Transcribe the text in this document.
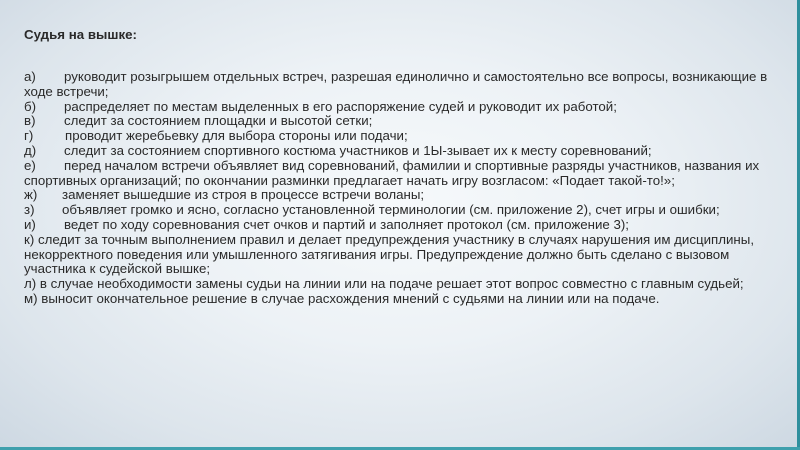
Судья на вышке:
а) руководит розыгрышем отдельных встреч, разрешая единолично и самостоятельно все вопросы, возникающие в ходе встречи;
б) распределяет по местам выделенных в его распоряжение судей и руководит их работой;
в) следит за состоянием площадки и высотой сетки;
г) проводит жеребьевку для выбора стороны или подачи;
д) следит за состоянием спортивного костюма участников и 1Ы-зывает их к месту соревнований;
е) перед началом встречи объявляет вид соревнований, фамилии и спортивные разряды участников, названия их спортивных организаций; по окончании разминки предлагает начать игру возгласом: «Подает такой-то!»;
ж) заменяет вышедшие из строя в процессе встречи воланы;
з) объявляет громко и ясно, согласно установленной терминологии (см. приложение 2), счет игры и ошибки;
и) ведет по ходу соревнования счет очков и партий и заполняет протокол (см. приложение 3);
к) следит за точным выполнением правил и делает предупреждения участнику в случаях нарушения им дисциплины, некорректного поведения или умышленного затягивания игры. Предупреждение должно быть сделано с вызовом участника к судейской вышке;
л) в случае необходимости замены судьи на линии или на подаче решает этот вопрос совместно с главным судьей;
м) выносит окончательное решение в случае расхождения мнений с судьями на линии или на подаче.
